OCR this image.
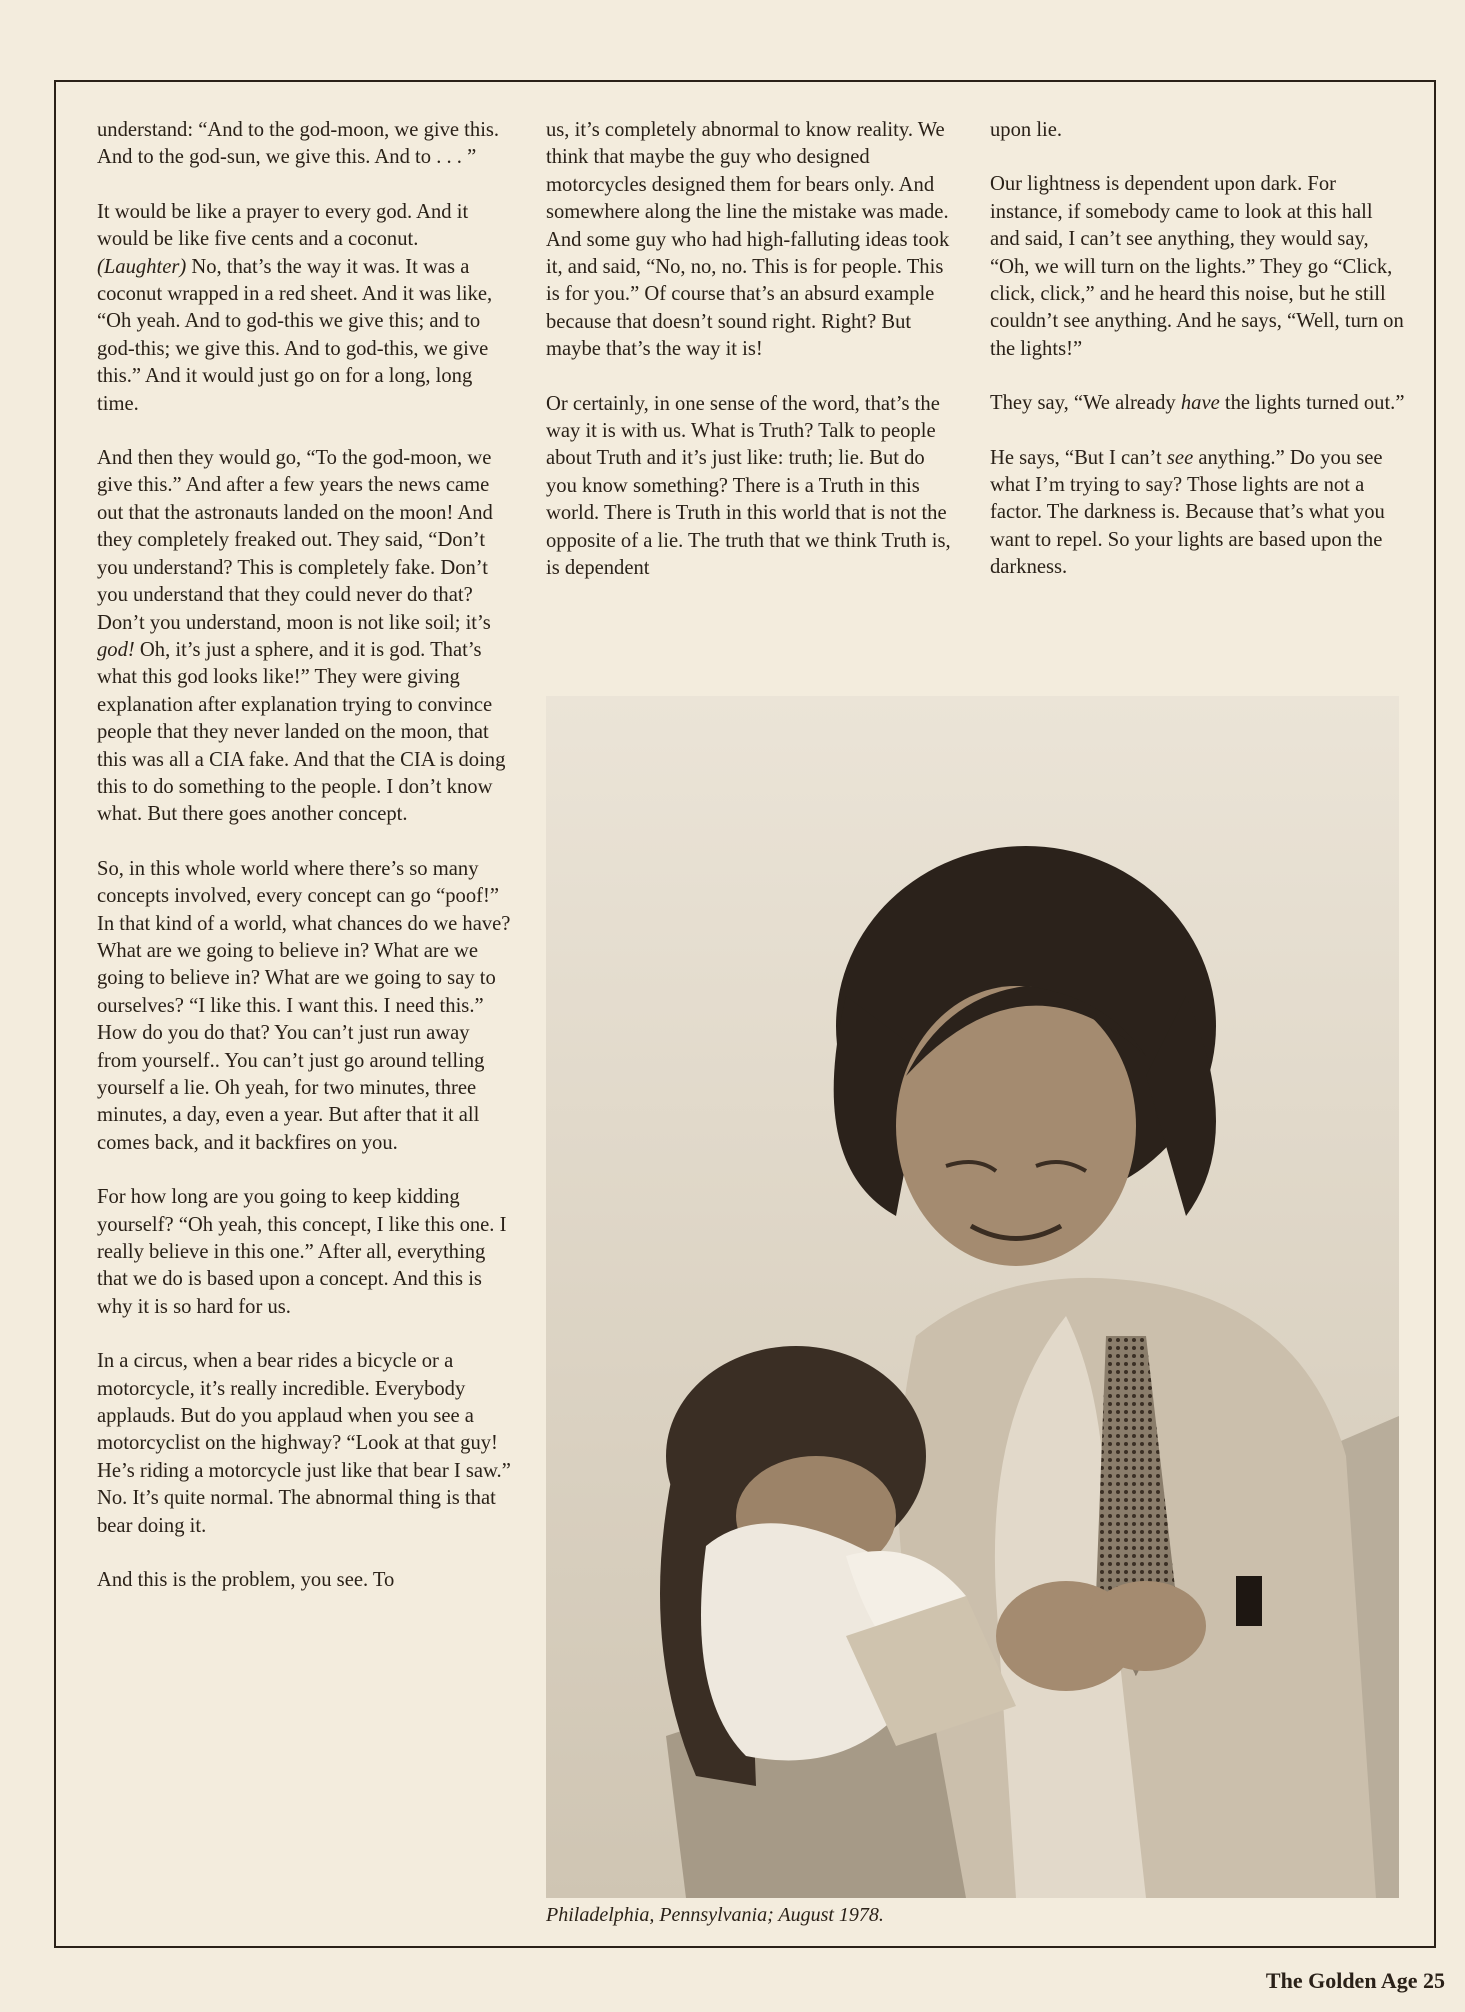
understand: “And to the god-moon, we give this. And to the god-sun, we give this. And to . . . ”

It would be like a prayer to every god. And it would be like five cents and a coconut. (Laughter) No, that’s the way it was. It was a coconut wrapped in a red sheet. And it was like, “Oh yeah. And to god-this we give this; and to god-this; we give this. And to god-this, we give this.” And it would just go on for a long, long time.

And then they would go, “To the god-moon, we give this.” And after a few years the news came out that the astronauts landed on the moon! And they completely freaked out. They said, “Don’t you understand? This is completely fake. Don’t you understand that they could never do that? Don’t you understand, moon is not like soil; it’s god! Oh, it’s just a sphere, and it is god. That’s what this god looks like!” They were giving explanation after explanation trying to convince people that they never landed on the moon, that this was all a CIA fake. And that the CIA is doing this to do something to the people. I don’t know what. But there goes another concept.

So, in this whole world where there’s so many concepts involved, every concept can go “poof!” In that kind of a world, what chances do we have? What are we going to believe in? What are we going to believe in? What are we going to say to ourselves? “I like this. I want this. I need this.” How do you do that? You can’t just run away from yourself.. You can’t just go around telling yourself a lie. Oh yeah, for two minutes, three minutes, a day, even a year. But after that it all comes back, and it backfires on you.

For how long are you going to keep kidding yourself? “Oh yeah, this concept, I like this one. I really believe in this one.” After all, everything that we do is based upon a concept. And this is why it is so hard for us.

In a circus, when a bear rides a bicycle or a motorcycle, it’s really incredible. Everybody applauds. But do you applaud when you see a motorcyclist on the highway? “Look at that guy! He’s riding a motorcycle just like that bear I saw.” No. It’s quite normal. The abnormal thing is that bear doing it.

And this is the problem, you see. To

us, it’s completely abnormal to know reality. We think that maybe the guy who designed motorcycles designed them for bears only. And somewhere along the line the mistake was made. And some guy who had high-falluting ideas took it, and said, “No, no, no. This is for people. This is for you.” Of course that’s an absurd example because that doesn’t sound right. Right? But maybe that’s the way it is!

Or certainly, in one sense of the word, that’s the way it is with us. What is Truth? Talk to people about Truth and it’s just like: truth; lie. But do you know something? There is a Truth in this world. There is Truth in this world that is not the opposite of a lie. The truth that we think Truth is, is dependent

upon lie.

Our lightness is dependent upon dark. For instance, if somebody came to look at this hall and said, I can’t see anything, they would say, “Oh, we will turn on the lights.” They go “Click, click, click,” and he heard this noise, but he still couldn’t see anything. And he says, “Well, turn on the lights!”

They say, “We already have the lights turned out.”

He says, “But I can’t see anything.” Do you see what I’m trying to say? Those lights are not a factor. The darkness is. Because that’s what you want to repel. So your lights are based upon the darkness.

Philadelphia, Pennsylvania; August 1978.
The Golden Age 25
